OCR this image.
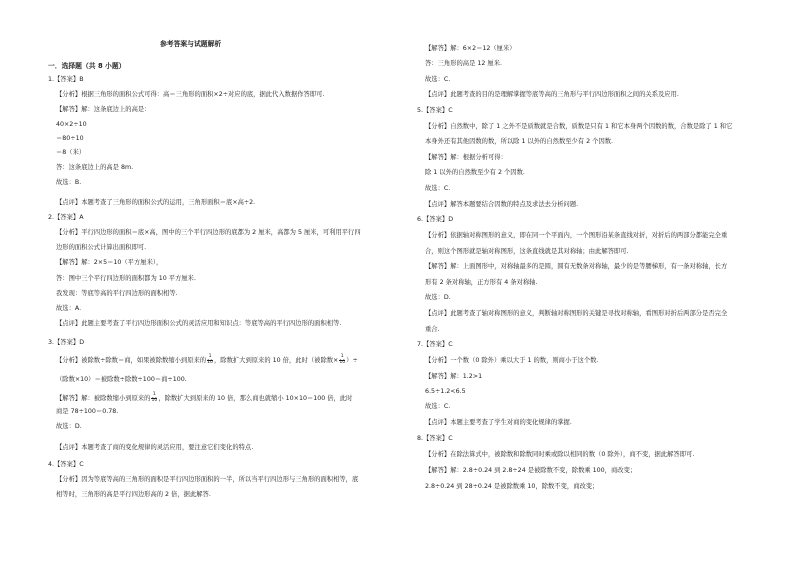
参考答案与试题解析
一．选择题（共 8 小题）
1.【答案】B
【分析】根据三角形的面积公式可得：高＝三角形的面积×2÷对应的底，据此代入数据作答即可.
【解答】解：这条底边上的高是：
40×2÷10
＝80÷10
＝8（米）
答：这条底边上的高是 8m.
故选：B.
【点评】本题考查了三角形的面积公式的运用，三角形面积＝底×高÷2.
2.【答案】A
【分析】平行四边形的面积＝底×高，图中的三个平行四边形的底都为 2 厘米，高都为 5 厘米，可利用平行四
边形的面积公式计算出面积即可.
【解答】解：2×5＝10（平方厘米），
答：图中三个平行四边形的面积都为 10 平方厘米.
我发现：等底等高的平行四边形的面积相等.
故选：A.
【点评】此题主要考查了平行四边形面积公式的灵活应用和知识点：等底等高的平行四边形的面积相等.
3.【答案】D
【分析】被除数÷除数＝商，如果被除数缩小到原来的 $\frac{1}{10}$ ，除数扩大到原来的 10 倍，此时（被除数× $\frac{1}{10}$ ）÷
（除数×10）＝被除数÷除数÷100＝商÷100.
【解答】解：被除数缩小到原来的 $\frac{1}{10}$ ，除数扩大到原来的 10 倍，那么商也就缩小 10×10＝100 倍，此时
商是 78÷100＝0.78.
故选：D.
【点评】本题考查了商的变化规律的灵活应用，要注意它们变化的特点.
4.【答案】C
【分析】因为等底等高的三角形的面积是平行四边形面积的一半，所以当平行四边形与三角形的面积相等，底
相等时，三角形的高是平行四边形高的 2 倍，据此解答.
【解答】解：6×2＝12（厘米）
答：三角形的高是 12 厘米.
故选：C.
【点评】此题考查的目的是理解掌握等底等高的三角形与平行四边形面积之间的关系及应用.
5.【答案】C
【分析】自然数中，除了 1 之外不是质数就是合数，质数是只有 1 和它本身两个因数的数，合数是除了 1 和它
本身外还有其他因数的数，所以除 1 以外的自然数至少有 2 个因数.
【解答】解：根据分析可得：
除 1 以外的自然数至少有 2 个因数.
故选：C.
【点评】解答本题要结合因数的特点及求法去分析问题.
6.【答案】D
【分析】依据轴对称图形的意义，即在同一个平面内，一个图形沿某条直线对折，对折后的两部分都能完全重
合，则这个图形就是轴对称图形，这条直线就是其对称轴；由此解答即可.
【解答】解：上面图形中，对称轴最多的是圆，圆有无数条对称轴，最少的是等腰梯形，有一条对称轴，长方
形有 2 条对称轴，正方形有 4 条对称轴.
故选：D.
【点评】此题考查了轴对称图形的意义，判断轴对称图形的关键是寻找对称轴，看图形对折后两部分是否完全
重合.
7.【答案】C
【分析】一个数（0 除外）乘以大于 1 的数，则商小于这个数.
【解答】解：1.2>1
6.5÷1.2<6.5
故选：C.
【点评】本题主要考查了学生对商的变化规律的掌握.
8.【答案】C
【分析】在除法算式中，被除数和除数同时乘或除以相同的数（0 除外），商不变，据此解答即可.
【解答】解：2.8÷0.24 到 2.8÷24 是被除数不变，除数乘 100，商改变；
2.8÷0.24 到 28÷0.24 是被除数乘 10，除数不变，商改变；
